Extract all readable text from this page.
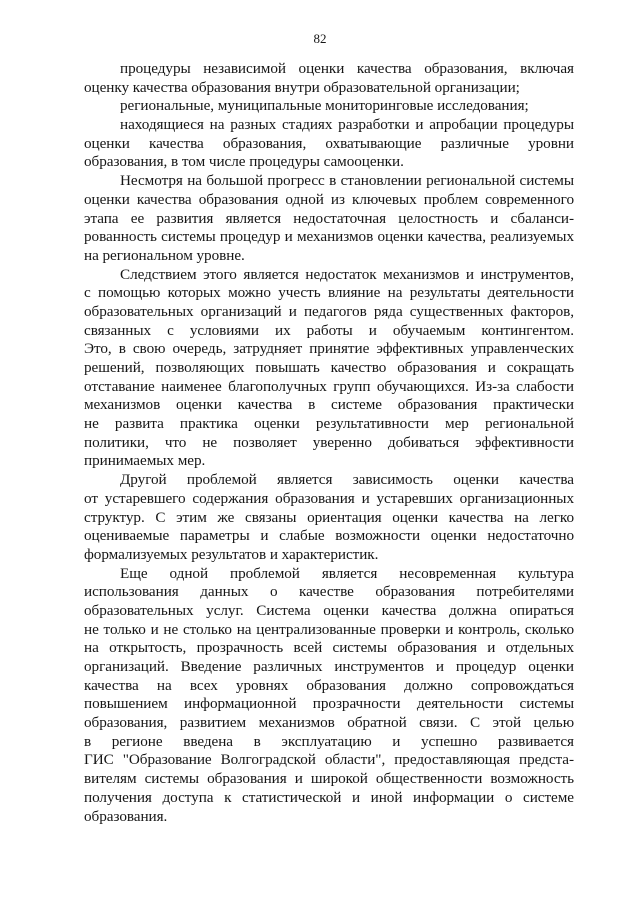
82
процедуры независимой оценки качества образования, включая
оценку качества образования внутри образовательной организации;
региональные, муниципальные мониторинговые исследования;
находящиеся на разных стадиях разработки и апробации процедуры
оценки качества образования, охватывающие различные уровни
образования, в том числе процедуры самооценки.
Несмотря на большой прогресс в становлении региональной системы
оценки качества образования одной из ключевых проблем современного
этапа ее развития является недостаточная целостность и сбаланси-
рованность системы процедур и механизмов оценки качества, реализуемых
на региональном уровне.
Следствием этого является недостаток механизмов и инструментов,
с помощью которых можно учесть влияние на результаты деятельности
образовательных организаций и педагогов ряда существенных факторов,
связанных с условиями их работы и обучаемым контингентом.
Это, в свою очередь, затрудняет принятие эффективных управленческих
решений, позволяющих повышать качество образования и сокращать
отставание наименее благополучных групп обучающихся. Из-за слабости
механизмов оценки качества в системе образования практически
не развита практика оценки результативности мер региональной
политики, что не позволяет уверенно добиваться эффективности
принимаемых мер.
Другой проблемой является зависимость оценки качества
от устаревшего содержания образования и устаревших организационных
структур. С этим же связаны ориентация оценки качества на легко
оцениваемые параметры и слабые возможности оценки недостаточно
формализуемых результатов и характеристик.
Еще одной проблемой является несовременная культура
использования данных о качестве образования потребителями
образовательных услуг. Система оценки качества должна опираться
не только и не столько на централизованные проверки и контроль, сколько
на открытость, прозрачность всей системы образования и отдельных
организаций. Введение различных инструментов и процедур оценки
качества на всех уровнях образования должно сопровождаться
повышением информационной прозрачности деятельности системы
образования, развитием механизмов обратной связи. С этой целью
в регионе введена в эксплуатацию и успешно развивается
ГИС "Образование Волгоградской области", предоставляющая предста-
вителям системы образования и широкой общественности возможность
получения доступа к статистической и иной информации о системе
образования.
